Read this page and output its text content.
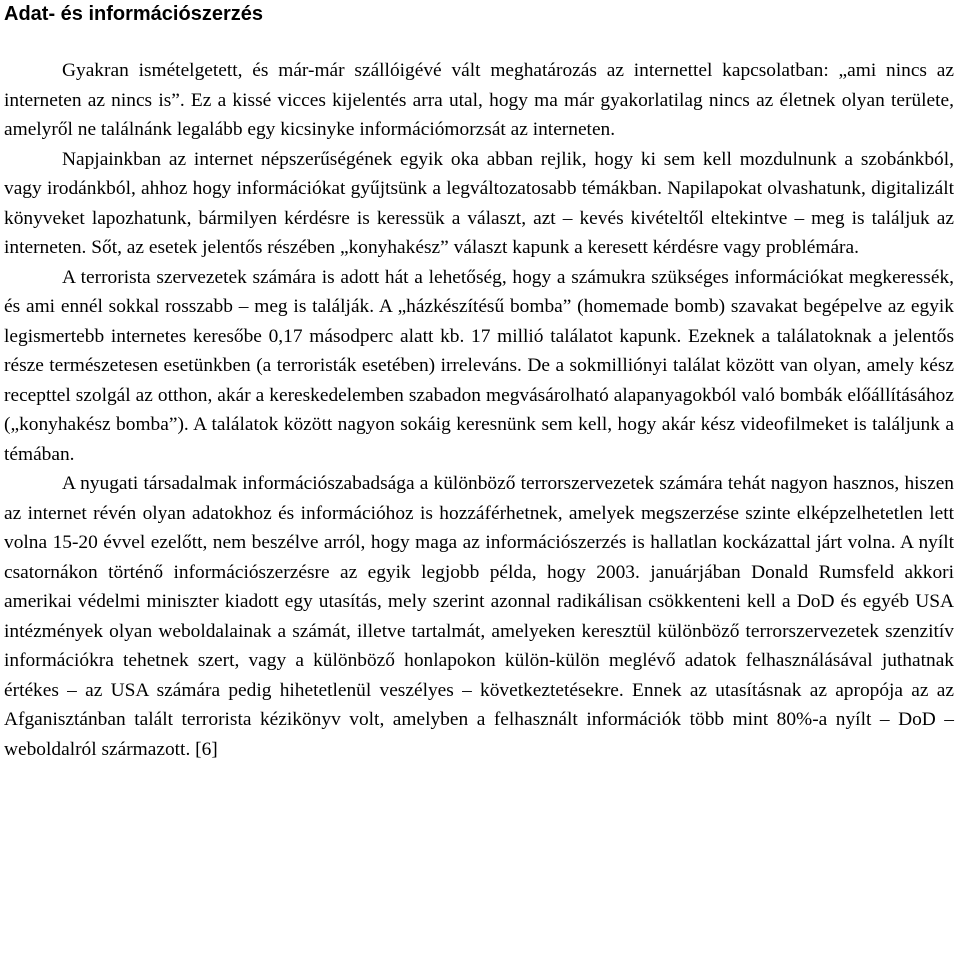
Adat- és információszerzés

Gyakran ismételgetett, és már-már szállóigévé vált meghatározás az internettel kapcsolatban: „ami nincs az interneten az nincs is”. Ez a kissé vicces kijelentés arra utal, hogy ma már gyakorlatilag nincs az életnek olyan területe, amelyről ne találnánk legalább egy kicsinyke információmorzsát az interneten.

Napjainkban az internet népszerűségének egyik oka abban rejlik, hogy ki sem kell mozdulnunk a szobánkból, vagy irodánkból, ahhoz hogy információkat gyűjtsünk a legváltozatosabb témákban. Napilapokat olvashatunk, digitalizált könyveket lapozhatunk, bármilyen kérdésre is keressük a választ, azt – kevés kivételtől eltekintve – meg is találjuk az interneten. Sőt, az esetek jelentős részében „konyhakész” választ kapunk a keresett kérdésre vagy problémára.

A terrorista szervezetek számára is adott hát a lehetőség, hogy a számukra szükséges információkat megkeressék, és ami ennél sokkal rosszabb – meg is találják. A „házkészítésű bomba” (homemade bomb) szavakat begépelve az egyik legismertebb internetes keresőbe 0,17 másodperc alatt kb. 17 millió találatot kapunk. Ezeknek a találatoknak a jelentős része természetesen esetünkben (a terroristák esetében) irreleváns. De a sokmilliónyi találat között van olyan, amely kész recepttel szolgál az otthon, akár a kereskedelemben szabadon megvásárolható alapanyagokból való bombák előállításához („konyhakész bomba”). A találatok között nagyon sokáig keresnünk sem kell, hogy akár kész videofilmeket is találjunk a témában.

A nyugati társadalmak információszabadsága a különböző terrorszervezetek számára tehát nagyon hasznos, hiszen az internet révén olyan adatokhoz és információhoz is hozzáférhetnek, amelyek megszerzése szinte elképzelhetetlen lett volna 15-20 évvel ezelőtt, nem beszélve arról, hogy maga az információszerzés is hallatlan kockázattal járt volna. A nyílt csatornákon történő információszerzésre az egyik legjobb példa, hogy 2003. januárjában Donald Rumsfeld akkori amerikai védelmi miniszter kiadott egy utasítás, mely szerint azonnal radikálisan csökkenteni kell a DoD és egyéb USA intézmények olyan weboldalainak a számát, illetve tartalmát, amelyeken keresztül különböző terrorszervezetek szenzitív információkra tehetnek szert, vagy a különböző honlapokon külön-külön meglévő adatok felhasználásával juthatnak értékes – az USA számára pedig hihetetlenül veszélyes – következtetésekre. Ennek az utasításnak az apropója az az Afganisztánban talált terrorista kézikönyv volt, amelyben a felhasznált információk több mint 80%-a nyílt – DoD – weboldalról származott. [6]
